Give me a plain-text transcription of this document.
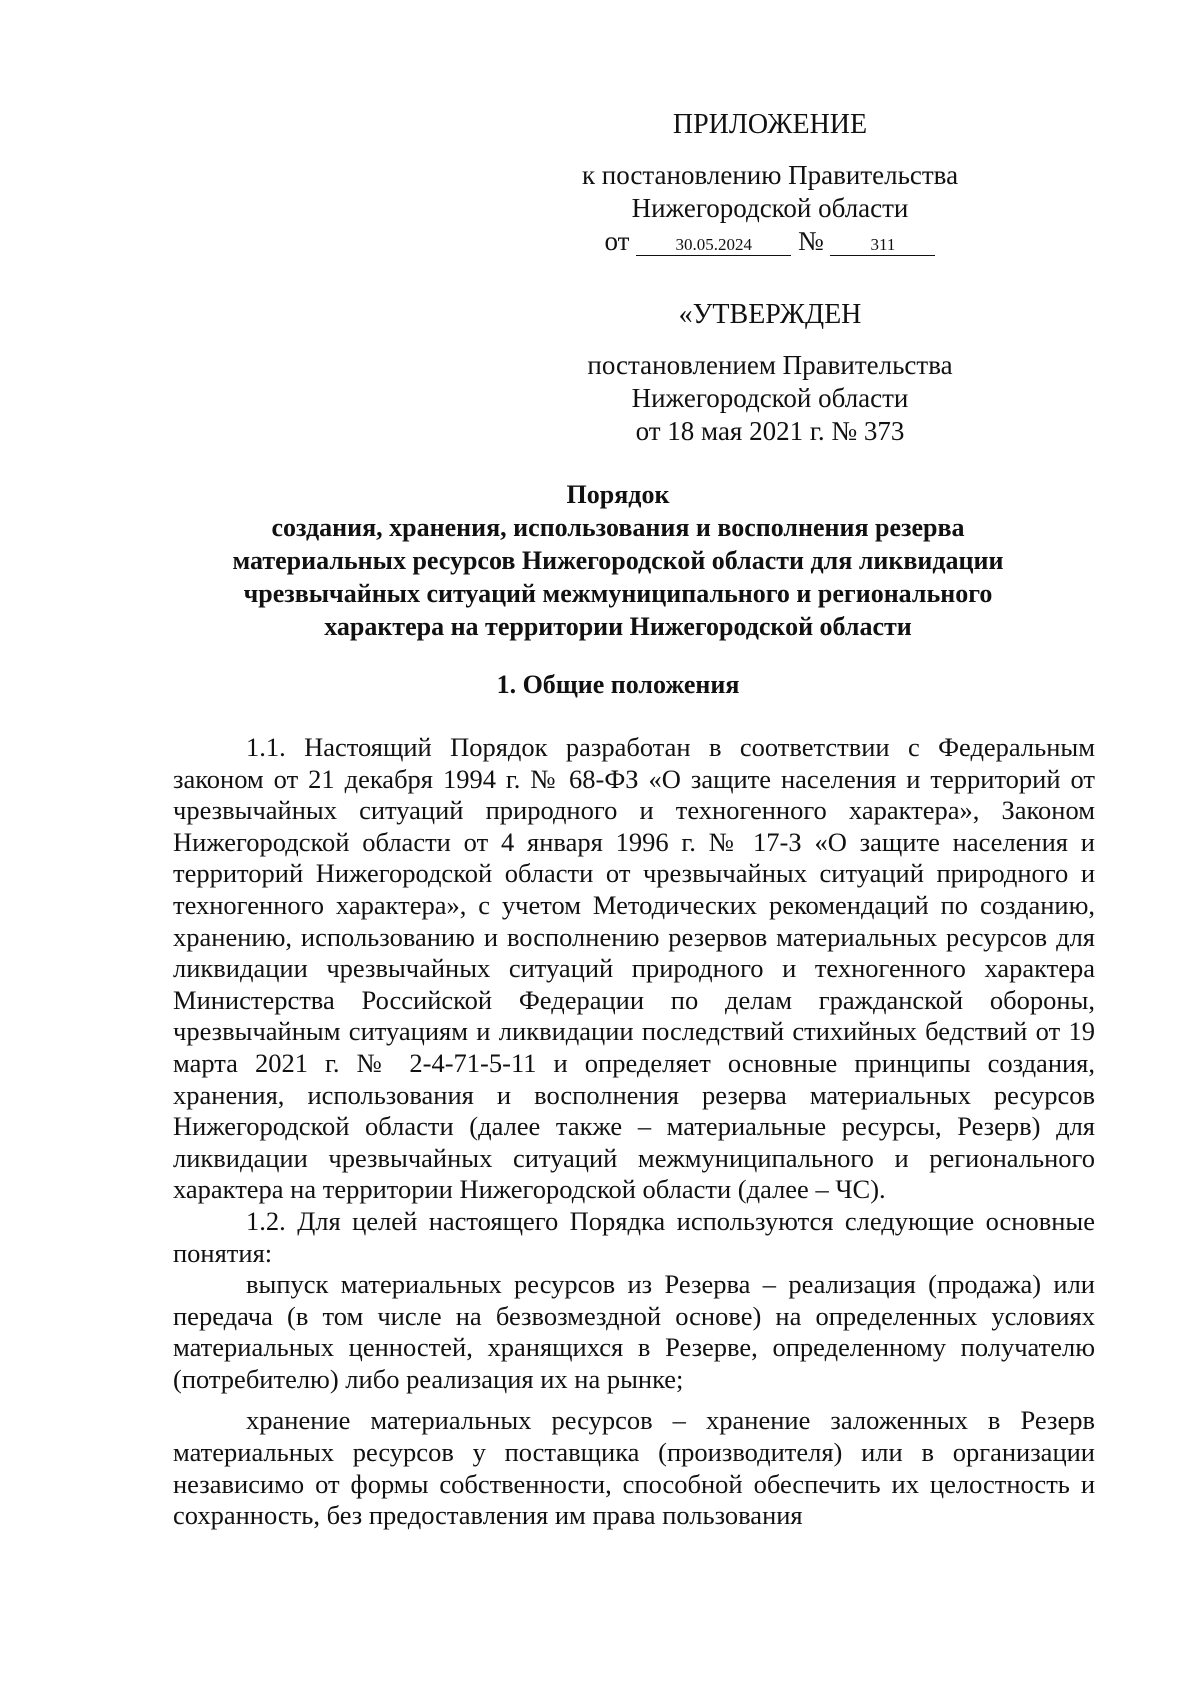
ПРИЛОЖЕНИЕ
к постановлению Правительства
Нижегородской области
от	30.05.2024 №	311
«УТВЕРЖДЕН
постановлением Правительства
Нижегородской области
от 18 мая 2021 г. № 373
Порядок
создания, хранения, использования и восполнения резерва
материальных ресурсов Нижегородской области для ликвидации
чрезвычайных ситуаций межмуниципального и регионального
характера на территории Нижегородской области
1. Общие положения

1.1. Настоящий Порядок разработан в соответствии с Федеральным законом от 21 декабря 1994 г. № 68-ФЗ «О защите населения и территорий от чрезвычайных ситуаций природного и техногенного характера», Законом Нижегородской области от 4 января 1996 г. № 17-З «О защите населения и территорий Нижегородской области от чрезвычайных ситуаций природного и техногенного характера», с учетом Методических рекомендаций по созданию, хранению, использованию и восполнению резервов материальных ресурсов для ликвидации чрезвычайных ситуаций природного и техногенного характера Министерства Российской Федерации по делам гражданской обороны, чрезвычайным ситуациям и ликвидации последствий стихийных бедствий от 19 марта 2021 г. № 2-4-71-5-11 и определяет основные принципы создания, хранения, использования и восполнения резерва материальных ресурсов Нижегородской области (далее также – материальные ресурсы, Резерв) для ликвидации чрезвычайных ситуаций межмуниципального и регионального характера на территории Нижегородской области (далее – ЧС).

1.2. Для целей настоящего Порядка используются следующие основные понятия:

выпуск материальных ресурсов из Резерва – реализация (продажа) или передача (в том числе на безвозмездной основе) на определенных условиях материальных ценностей, хранящихся в Резерве, определенному получателю (потребителю) либо реализация их на рынке;

хранение материальных ресурсов – хранение заложенных в Резерв материальных ресурсов у поставщика (производителя) или в организации независимо от формы собственности, способной обеспечить их целостность и сохранность, без предоставления им права пользования
